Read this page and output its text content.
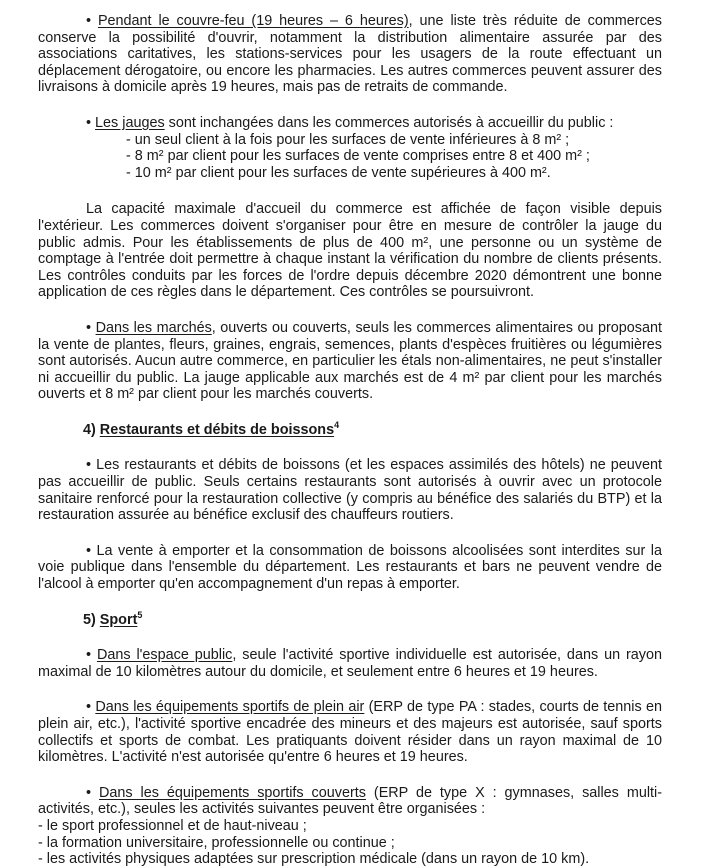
• Pendant le couvre-feu (19 heures – 6 heures), une liste très réduite de commerces conserve la possibilité d'ouvrir, notamment la distribution alimentaire assurée par des associations caritatives, les stations-services pour les usagers de la route effectuant un déplacement dérogatoire, ou encore les pharmacies. Les autres commerces peuvent assurer des livraisons à domicile après 19 heures, mais pas de retraits de commande.

• Les jauges sont inchangées dans les commerces autorisés à accueillir du public :

- un seul client à la fois pour les surfaces de vente inférieures à 8 m² ;

- 8 m² par client pour les surfaces de vente comprises entre 8 et 400 m² ;

- 10 m² par client pour les surfaces de vente supérieures à 400 m².

La capacité maximale d'accueil du commerce est affichée de façon visible depuis l'extérieur. Les commerces doivent s'organiser pour être en mesure de contrôler la jauge du public admis. Pour les établissements de plus de 400 m², une personne ou un système de comptage à l'entrée doit permettre à chaque instant la vérification du nombre de clients présents. Les contrôles conduits par les forces de l'ordre depuis décembre 2020 démontrent une bonne application de ces règles dans le département. Ces contrôles se poursuivront.

• Dans les marchés, ouverts ou couverts, seuls les commerces alimentaires ou proposant la vente de plantes, fleurs, graines, engrais, semences, plants d'espèces fruitières ou légumières sont autorisés. Aucun autre commerce, en particulier les étals non-alimentaires, ne peut s'installer ni accueillir du public. La jauge applicable aux marchés est de 4 m² par client pour les marchés ouverts et 8 m² par client pour les marchés couverts.

4) Restaurants et débits de boissons$^4$

• Les restaurants et débits de boissons (et les espaces assimilés des hôtels) ne peuvent pas accueillir de public. Seuls certains restaurants sont autorisés à ouvrir avec un protocole sanitaire renforcé pour la restauration collective (y compris au bénéfice des salariés du BTP) et la restauration assurée au bénéfice exclusif des chauffeurs routiers.

• La vente à emporter et la consommation de boissons alcoolisées sont interdites sur la voie publique dans l'ensemble du département. Les restaurants et bars ne peuvent vendre de l'alcool à emporter qu'en accompagnement d'un repas à emporter.

5) Sport$^5$

• Dans l'espace public, seule l'activité sportive individuelle est autorisée, dans un rayon maximal de 10 kilomètres autour du domicile, et seulement entre 6 heures et 19 heures.

• Dans les équipements sportifs de plein air (ERP de type PA : stades, courts de tennis en plein air, etc.), l'activité sportive encadrée des mineurs et des majeurs est autorisée, sauf sports collectifs et sports de combat. Les pratiquants doivent résider dans un rayon maximal de 10 kilomètres. L'activité n'est autorisée qu'entre 6 heures et 19 heures.

• Dans les équipements sportifs couverts (ERP de type X : gymnases, salles multi-activités, etc.), seules les activités suivantes peuvent être organisées :

- le sport professionnel et de haut-niveau ;

- la formation universitaire, professionnelle ou continue ;

- les activités physiques adaptées sur prescription médicale (dans un rayon de 10 km).
